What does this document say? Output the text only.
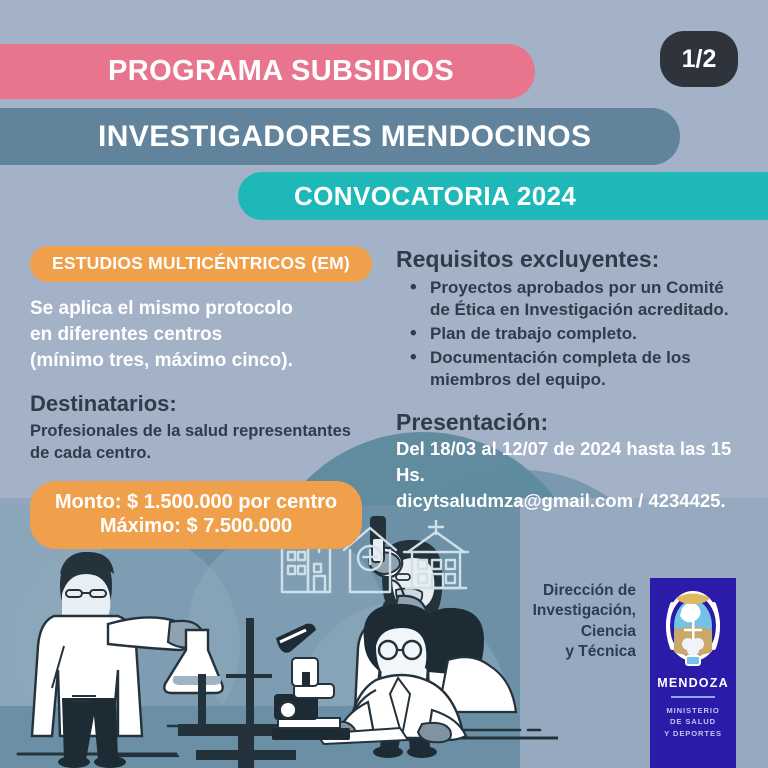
PROGRAMA SUBSIDIOS
INVESTIGADORES MENDOCINOS
CONVOCATORIA 2024
1/2
ESTUDIOS MULTICÉNTRICOS (EM)
Se aplica el mismo protocolo
en diferentes centros
(mínimo tres, máximo cinco).
Destinatarios:
Profesionales de la salud representantes
de cada centro.
Monto: $ 1.500.000 por centro
Máximo: $ 7.500.000
Requisitos excluyentes:
• Proyectos aprobados por un Comité de Ética en Investigación acreditado.
• Plan de trabajo completo.
• Documentación completa de los miembros del equipo.
Presentación:
Del 18/03 al 12/07 de 2024 hasta las 15 Hs.
dicytsaludmza@gmail.com / 4234425.
Dirección de
Investigación,
Ciencia
y Técnica
MENDOZA
MINISTERIO
DE SALUD
Y DEPORTES
